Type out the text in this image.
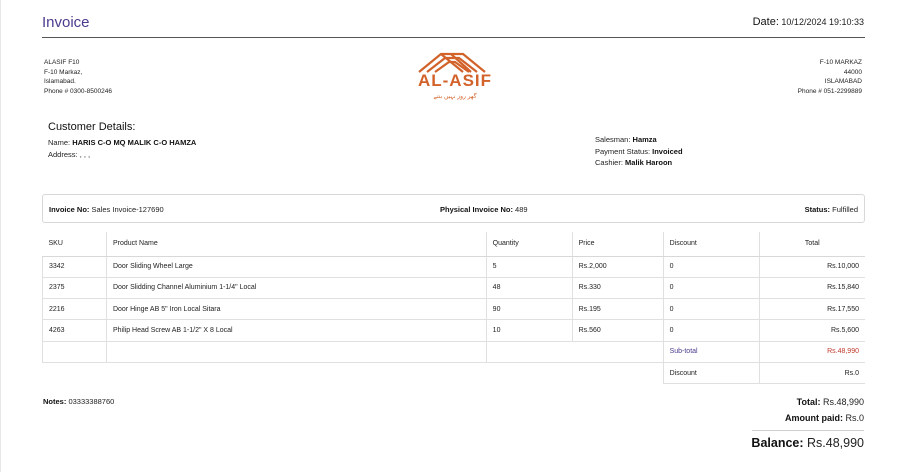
Invoice	Date: 10/12/2024 19:10:33
ALASIF F10
F-10 Markaz,
Islamabad.
Phone # 0300-8500246
AL-ASIF
گھر روز نہیں بنتے
F-10 MARKAZ
44000
ISLAMABAD
Phone # 051-2299889
Customer Details:
Name: HARIS C-O MQ MALIK C-O HAMZA
Address: , , ,
Salesman: Hamza
Payment Status: Invoiced
Cashier: Malik Haroon
Invoice No: Sales Invoice-127690	Physical Invoice No: 489	Status: Fulfilled
SKU	Product Name	Quantity	Price	Discount	Total
3342	Door Sliding Wheel Large	5	Rs.2,000	0	Rs.10,000
2375	Door Slidding Channel Aluminium 1-1/4" Local	48	Rs.330	0	Rs.15,840
2216	Door Hinge AB 5" Iron Local Sitara	90	Rs.195	0	Rs.17,550
4263	Philip Head Screw AB 1-1/2" X 8 Local	10	Rs.560	0	Rs.5,600
				Sub-total	Rs.48,990
				Discount	Rs.0
Notes: 03333388760	Total: Rs.48,990
Amount paid: Rs.0
Balance: Rs.48,990
